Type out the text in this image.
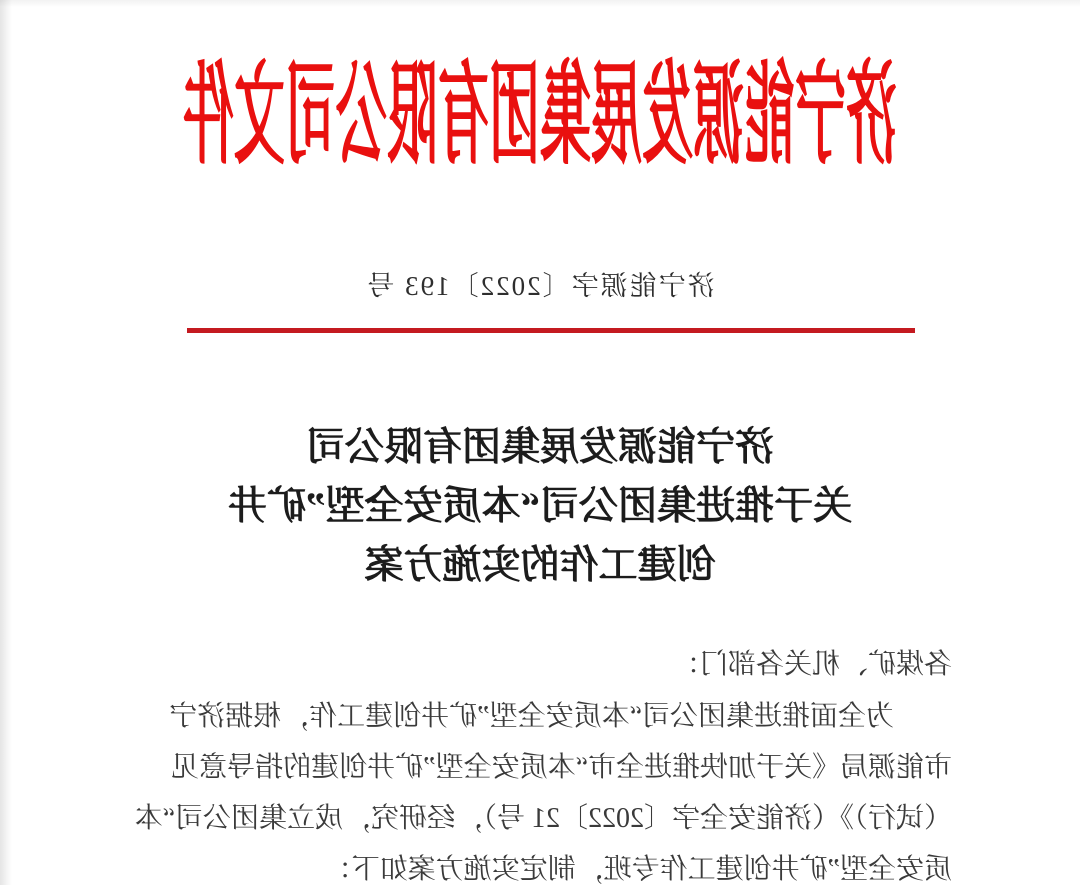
济宁能源发展集团有限公司文件
济宁能源字〔2022〕193 号
济宁能源发展集团有限公司
关于推进集团公司“本质安全型”矿井
创建工作的实施方案
各煤矿、机关各部门：
为全面推进集团公司“本质安全型”矿井创建工作，根据济宁
市能源局《关于加快推进全市“本质安全型”矿井创建的指导意见
（试行）》（济能安全字〔2022〕21 号），经研究，成立集团公司“本
质安全型”矿井创建工作专班，制定实施方案如下：
